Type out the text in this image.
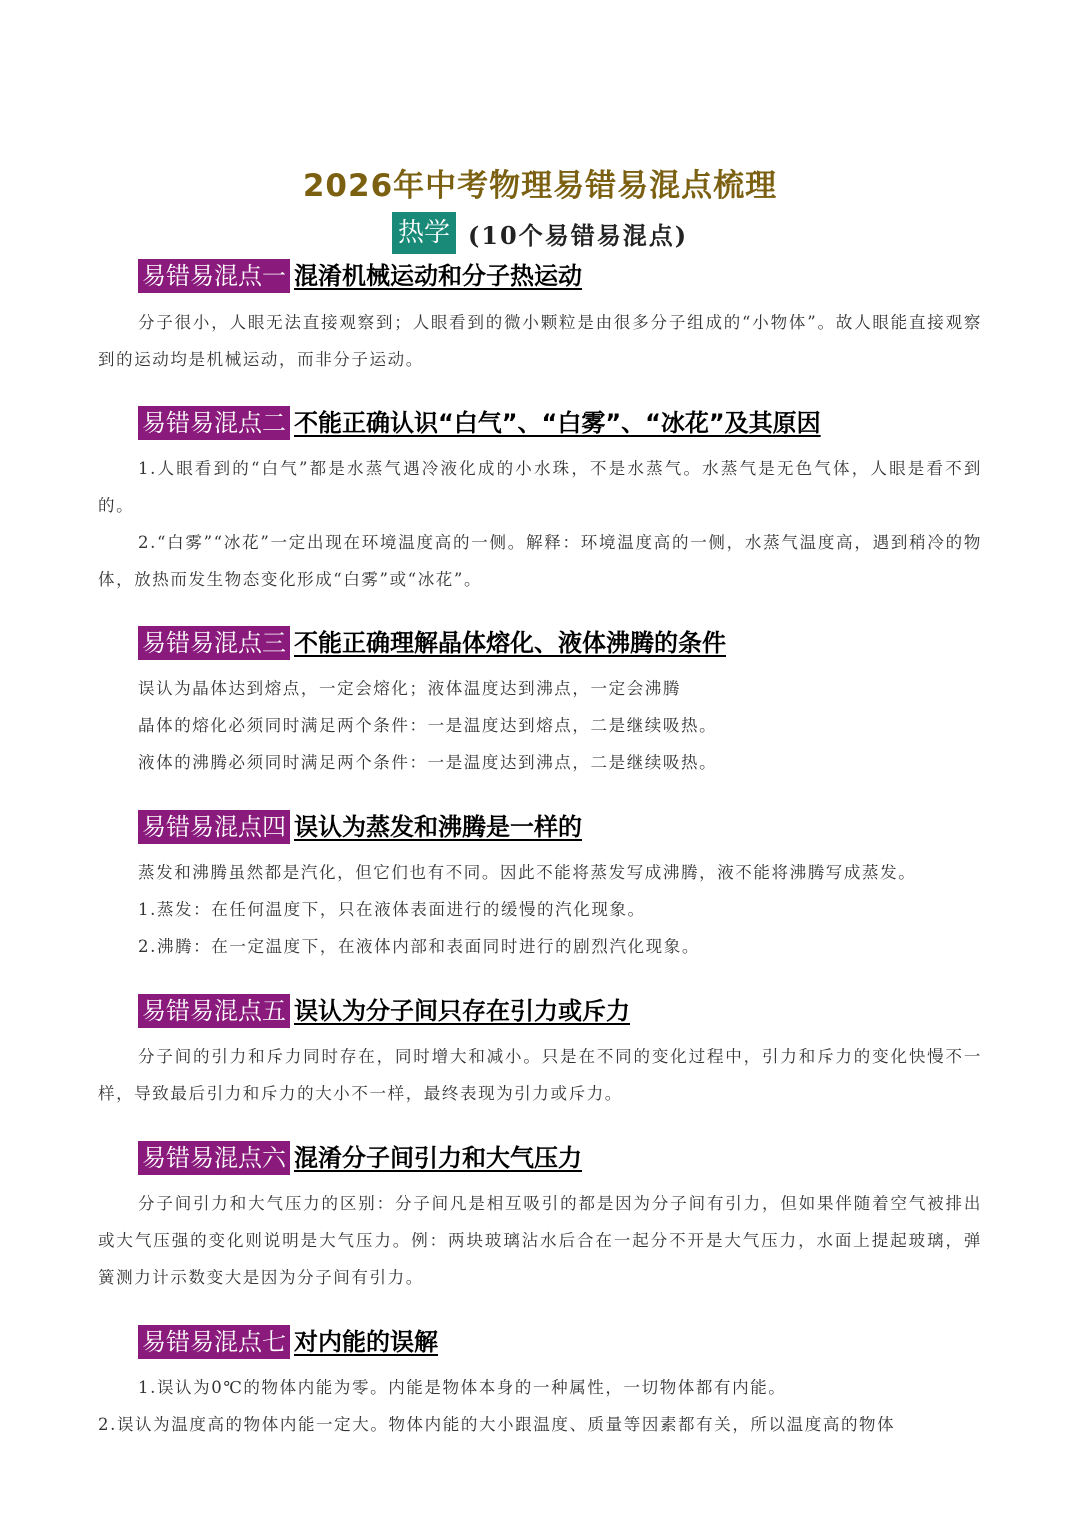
2026年中考物理易错易混点梳理
热学 (10个易错易混点)
易错易混点一 混淆机械运动和分子热运动

分子很小，人眼无法直接观察到；人眼看到的微小颗粒是由很多分子组成的“小物体”。故人眼能直接观察到的运动均是机械运动，而非分子运动。

易错易混点二 不能正确认识“白气”、“白雾”、“冰花”及其原因

1.人眼看到的“白气”都是水蒸气遇冷液化成的小水珠，不是水蒸气。水蒸气是无色气体，人眼是看不到的。

2.“白雾”“冰花”一定出现在环境温度高的一侧。解释：环境温度高的一侧，水蒸气温度高，遇到稍冷的物体，放热而发生物态变化形成“白雾”或“冰花”。

易错易混点三 不能正确理解晶体熔化、液体沸腾的条件

误认为晶体达到熔点，一定会熔化；液体温度达到沸点，一定会沸腾

晶体的熔化必须同时满足两个条件：一是温度达到熔点，二是继续吸热。

液体的沸腾必须同时满足两个条件：一是温度达到沸点，二是继续吸热。

易错易混点四 误认为蒸发和沸腾是一样的

蒸发和沸腾虽然都是汽化，但它们也有不同。因此不能将蒸发写成沸腾，液不能将沸腾写成蒸发。

1.蒸发：在任何温度下，只在液体表面进行的缓慢的汽化现象。

2.沸腾：在一定温度下，在液体内部和表面同时进行的剧烈汽化现象。

易错易混点五 误认为分子间只存在引力或斥力

分子间的引力和斥力同时存在，同时增大和减小。只是在不同的变化过程中，引力和斥力的变化快慢不一样，导致最后引力和斥力的大小不一样，最终表现为引力或斥力。

易错易混点六 混淆分子间引力和大气压力

分子间引力和大气压力的区别：分子间凡是相互吸引的都是因为分子间有引力，但如果伴随着空气被排出或大气压强的变化则说明是大气压力。例：两块玻璃沾水后合在一起分不开是大气压力，水面上提起玻璃，弹簧测力计示数变大是因为分子间有引力。

易错易混点七 对内能的误解

1.误认为0℃的物体内能为零。内能是物体本身的一种属性，一切物体都有内能。

2.误认为温度高的物体内能一定大。物体内能的大小跟温度、质量等因素都有关，所以温度高的物体
